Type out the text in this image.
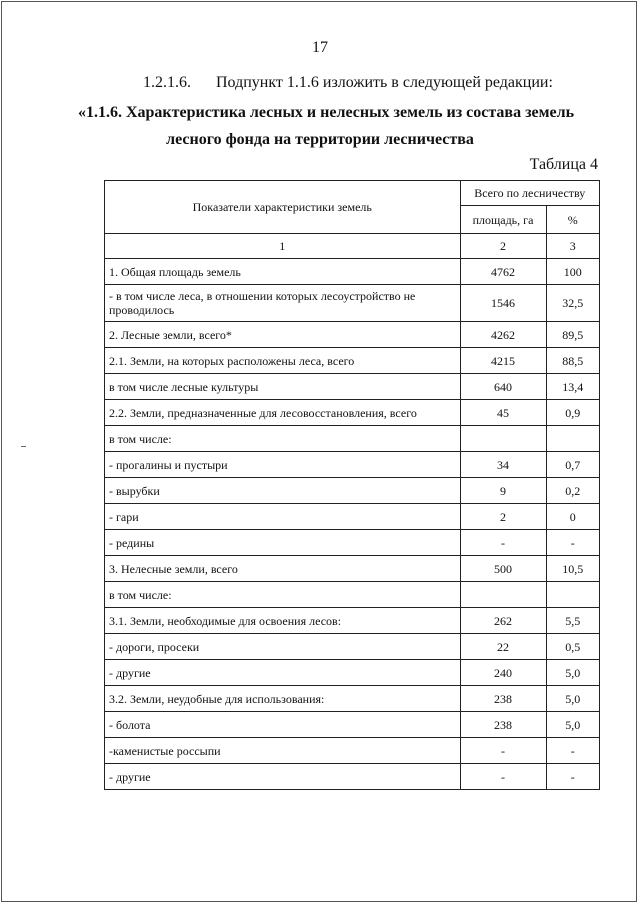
17
1.2.1.6. Подпункт 1.1.6 изложить в следующей редакции:
«1.1.6. Характеристика лесных и нелесных земель из состава земель
лесного фонда на территории лесничества
Таблица 4
Показатели характеристики земель	Всего по лесничеству	
	площадь, га	%
1	2	3
1. Общая площадь земель	4762	100
- в том числе леса, в отношении которых лесоустройство не проводилось	1546	32,5
2. Лесные земли, всего*	4262	89,5
2.1. Земли, на которых расположены леса, всего	4215	88,5
в том числе лесные культуры	640	13,4
2.2. Земли, предназначенные для лесовосстановления, всего	45	0,9
в том числе:		
- прогалины и пустыри	34	0,7
- вырубки	9	0,2
- гари	2	0
- редины	-	-
3. Нелесные земли, всего	500	10,5
в том числе:		
3.1. Земли, необходимые для освоения лесов:	262	5,5
- дороги, просеки	22	0,5
- другие	240	5,0
3.2. Земли, неудобные для использования:	238	5,0
- болота	238	5,0
-каменистые россыпи	-	-
- другие	-	-
